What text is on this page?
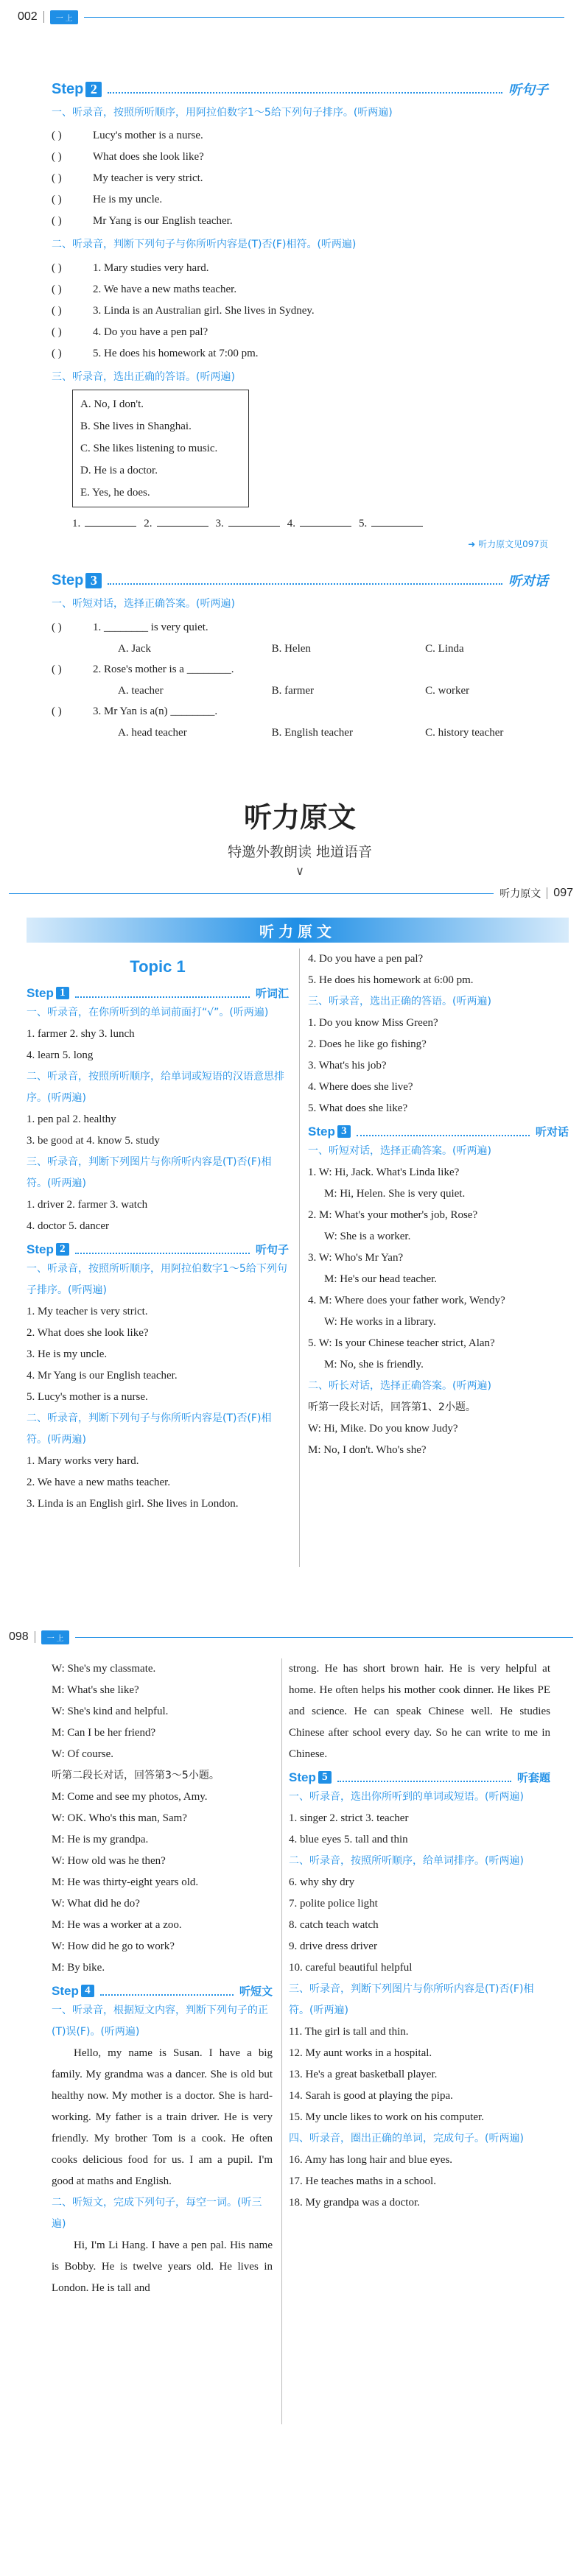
002	一 上
Step 2	听句子
一、听录音，按照所听顺序，用阿拉伯数字1～5给下列句子排序。(听两遍)
( )	Lucy's mother is a nurse.
( )	What does she look like?
( )	My teacher is very strict.
( )	He is my uncle.
( )	Mr Yang is our English teacher.
二、听录音，判断下列句子与你所听内容是(T)否(F)相符。(听两遍)
( )	1. Mary studies very hard.
( )	2. We have a new maths teacher.
( )	3. Linda is an Australian girl. She lives in Sydney.
( )	4. Do you have a pen pal?
( )	5. He does his homework at 7:00 pm.
三、听录音，选出正确的答语。(听两遍)
A. No, I don't.
B. She lives in Shanghai.
C. She likes listening to music.
D. He is a doctor.
E. Yes, he does.
1.	2.	3.	4.	5.
➜ 听力原文见097页
Step 3	听对话
一、听短对话，选择正确答案。(听两遍)
( )	1. ________ is very quiet.
A. Jack	B. Helen	C. Linda
( )	2. Rose's mother is a ________.
A. teacher	B. farmer	C. worker
( )	3. Mr Yan is a(n) ________.
A. head teacher	B. English teacher	C. history teacher
听力原文
特邀外教朗读 地道语音
∨
听力原文 097
听力原文
Topic 1
Step 1	听词汇
一、听录音，在你所听到的单词前面打“√”。(听两遍)
1. farmer 2. shy 3. lunch
4. learn 5. long
二、听录音，按照所听顺序，给单词或短语的汉语意思排序。(听两遍)
1. pen pal 2. healthy
3. be good at 4. know 5. study
三、听录音，判断下列图片与你所听内容是(T)否(F)相符。(听两遍)
1. driver 2. farmer 3. watch
4. doctor 5. dancer
Step 2	听句子
一、听录音，按照所听顺序，用阿拉伯数字1～5给下列句子排序。(听两遍)
1. My teacher is very strict.
2. What does she look like?
3. He is my uncle.
4. Mr Yang is our English teacher.
5. Lucy's mother is a nurse.
二、听录音，判断下列句子与你所听内容是(T)否(F)相符。(听两遍)
1. Mary works very hard.
2. We have a new maths teacher.
3. Linda is an English girl. She lives in London.
4. Do you have a pen pal?
5. He does his homework at 6:00 pm.
三、听录音，选出正确的答语。(听两遍)
1. Do you know Miss Green?
2. Does he like go fishing?
3. What's his job?
4. Where does she live?
5. What does she like?
Step 3	听对话
一、听短对话，选择正确答案。(听两遍)
1. W: Hi, Jack. What's Linda like?
M: Hi, Helen. She is very quiet.
2. M: What's your mother's job, Rose?
W: She is a worker.
3. W: Who's Mr Yan?
M: He's our head teacher.
4. M: Where does your father work, Wendy?
W: He works in a library.
5. W: Is your Chinese teacher strict, Alan?
M: No, she is friendly.
二、听长对话，选择正确答案。(听两遍)
听第一段长对话，回答第1、2小题。
W: Hi, Mike. Do you know Judy?
M: No, I don't. Who's she?
098	一 上
W: She's my classmate.
M: What's she like?
W: She's kind and helpful.
M: Can I be her friend?
W: Of course.
听第二段长对话，回答第3～5小题。
M: Come and see my photos, Amy.
W: OK. Who's this man, Sam?
M: He is my grandpa.
W: How old was he then?
M: He was thirty-eight years old.
W: What did he do?
M: He was a worker at a zoo.
W: How did he go to work?
M: By bike.
Step 4	听短文
一、听录音，根据短文内容，判断下列句子的正(T)误(F)。(听两遍)
Hello, my name is Susan. I have a big family. My grandma was a dancer. She is old but healthy now. My mother is a doctor. She is hard-working. My father is a train driver. He is very friendly. My brother Tom is a cook. He often cooks delicious food for us. I am a pupil. I'm good at maths and English.
二、听短文，完成下列句子，每空一词。(听三遍)
Hi, I'm Li Hang. I have a pen pal. His name is Bobby. He is twelve years old. He lives in London. He is tall and
strong. He has short brown hair. He is very helpful at home. He often helps his mother cook dinner. He likes PE and science. He can speak Chinese well. He studies Chinese after school every day. So he can write to me in Chinese.
Step 5	听套题
一、听录音，选出你所听到的单词或短语。(听两遍)
1. singer 2. strict 3. teacher
4. blue eyes 5. tall and thin
二、听录音，按照所听顺序，给单词排序。(听两遍)
6. why shy dry
7. polite police light
8. catch teach watch
9. drive dress driver
10. careful beautiful helpful
三、听录音，判断下列图片与你所听内容是(T)否(F)相符。(听两遍)
11. The girl is tall and thin.
12. My aunt works in a hospital.
13. He's a great basketball player.
14. Sarah is good at playing the pipa.
15. My uncle likes to work on his computer.
四、听录音，圈出正确的单词，完成句子。(听两遍)
16. Amy has long hair and blue eyes.
17. He teaches maths in a school.
18. My grandpa was a doctor.
